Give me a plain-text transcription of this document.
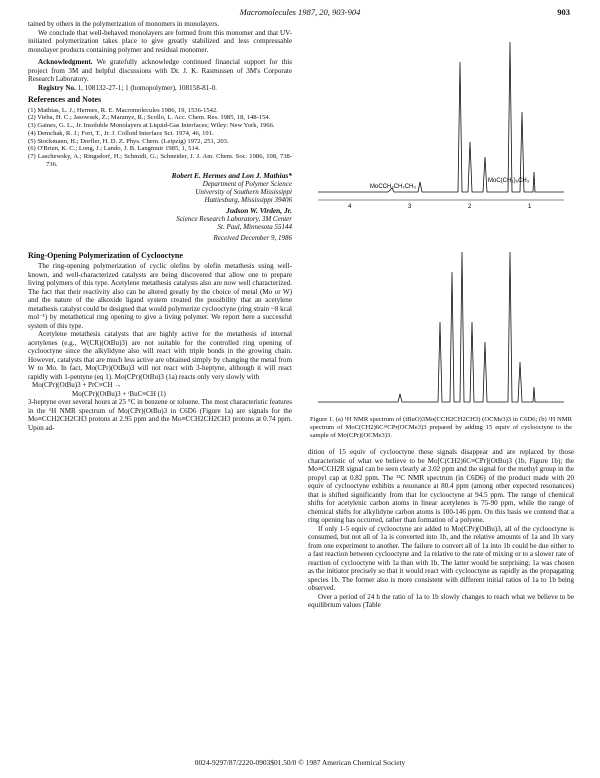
Macromolecules 1987, 20, 903-904	903

tained by others in the polymerization of monomers in monolayers.

We conclude that well-behaved monolayers are formed from this monomer and that UV-initiated polymerization takes place to give greatly stabilized and less compressable monolayer products containing polymer and residual monomer.

Acknowledgment. We gratefully acknowledge continued financial support for this project from 3M and helpful discussions with Dr. J. K. Rasmussen of 3M's Corporate Research Laboratory.

Registry No. 1, 108132-27-1; 1 (homopolymer), 108158-81-0.

References and Notes
(1) Mathias, L. J.; Hermes, R. E. Macromolecules 1986, 19, 1536-1542.
(2) Vieba, H. C.; Jasowsek, Z.; Maranyz, R.; Scollo, L. Acc. Chem. Res. 1985, 18, 148-154.
(3) Gaines, G. L., Jr. Insoluble Monolayers at Liquid-Gas Interfaces; Wiley: New York, 1966.
(4) Demchak, R. J.; Fort, T., Jr. J. Colloid Interface Sci. 1974, 46, 191.
(5) Stockmann, H.; Dorfler, H. D. Z. Phys. Chem. (Leipzig) 1972, 251, 203.
(6) O'Brien, K. C.; Long, J.; Lando, J. B. Langmuir 1985, 1, 514.
(7) Laschewsky, A.; Ringsdorf, H.; Schmidt, G.; Schneider, J. J. Am. Chem. Soc. 1986, 108, 738-736.
Robert E. Hermes and Lon J. Mathias*
Department of Polymer Science
University of Southern Mississippi
Hattiesburg, Mississippi 39406
Judson W. Virden, Jr.
Science Research Laboratory, 3M Center
St. Paul, Minnesota 55144
Received December 9, 1986
Ring-Opening Polymerization of Cyclooctyne

The ring-opening polymerization of cyclic olefins by olefin metathesis using well-known, and well-characterized catalysts are being discovered that allow one to prepare living polymers of this type. Acetylene metathesis catalysts also are now well characterized. The fact that their reactivity also can be altered greatly by the choice of metal (Mo or W) and the nature of the alkoxide ligand system created the possibility that an acetylene metathesis catalyst could be designed that would polymerize cyclooctyne (ring strain ~8 kcal mol⁻¹) by metathetical ring opening to give a living polymer. We report here a successful system of this type.

Acetylene metathesis catalysts that are highly active for the metathesis of internal acetylenes (e.g., W(CR)(OtBu)3) are not suitable for the controlled ring opening of cyclooctyne since the alkylidyne also will react with triple bonds in the growing chain. However, catalysts that are much less active are obtained simply by changing the metal from W to Mo. In fact, Mo(CPr)(OtBu)3 will not react with 3-heptyne, although it will react rapidly with 1-pentyne (eq 1). Mo(CPr)(OtBu)3 (1a) reacts only very slowly with

Mo(CPr)(OtBu)3 + PrC≡CH →
Mo(CPr)(OtBu)3 + ᵗBuC≡CH (1)

3-heptyne over several hours at 25 °C in benzene or toluene. The most characteristic features in the ¹H NMR spectrum of Mo(CPr)(OtBu)3 in C6D6 (Figure 1a) are signals for the Mo≡CCH2CH2CH3 protons at 2.95 ppm and the Mo≡CCH2CH2CH3 protons at 0.74 ppm. Upon ad-

MoCCH₂CH₂CH₃
MoC(CH₂)₆CH₃
4	3	2	1
Figure 1. (a) ¹H NMR spectrum of (tBuO)3Mo(CCH2CH2CH3) (OCMe3)3 in C6D6; (b) ¹H NMR spectrum of MoC(CH2)6C≡CPr(OCMe3)3 prepared by adding 15 equiv of cyclooctyne to the sample of Mo(CPr)(OCMe3)3.

dition of 15 equiv of cyclooctyne these signals disappear and are replaced by those characteristic of what we believe to be Mo[C(CH2)6C≡CPr](OtBu)3 (1b, Figure 1b); the Mo≡CCH2R signal can be seen clearly at 3.02 ppm and the signal for the methyl group in the propyl cap at 0.82 ppm. The ¹³C NMR spectrum (in C6D6) of the product made with 20 equiv of cyclooctyne exhibits a resonance at 80.4 ppm (among other expected resonances) that is shifted significantly from that for cyclooctyne at 94.5 ppm. The range of chemical shifts for acetylenic carbon atoms in linear acetylenes is 75-90 ppm, while the range of chemical shifts for alkylidyne carbon atoms is 100-146 ppm. On this basis we contend that a ring opening has occurred, rather than formation of a polyene.

If only 1-5 equiv of cyclooctyne are added to Mo(CPr)(OtBu)3, all of the cyclooctyne is consumed, but not all of 1a is converted into 1b, and the relative amounts of 1a and 1b vary from one experiment to another. The failure to convert all of 1a into 1b could be due either to a fast reaction between cyclooctyne and 1a relative to the rate of mixing or to a slower rate of reaction of cyclooctyne with 1a than with 1b. The latter would be surprising; 1a was chosen as the initiator precisely so that it would react with cyclooctyne as rapidly as the propagating species 1b. The former also is more consistent with different initial ratios of 1a to 1b being observed.

Over a period of 24 h the ratio of 1a to 1b slowly changes to reach what we believe to be equilibrium values (Table

0024-9297/87/2220-0903$01.50/0 © 1987 American Chemical Society
